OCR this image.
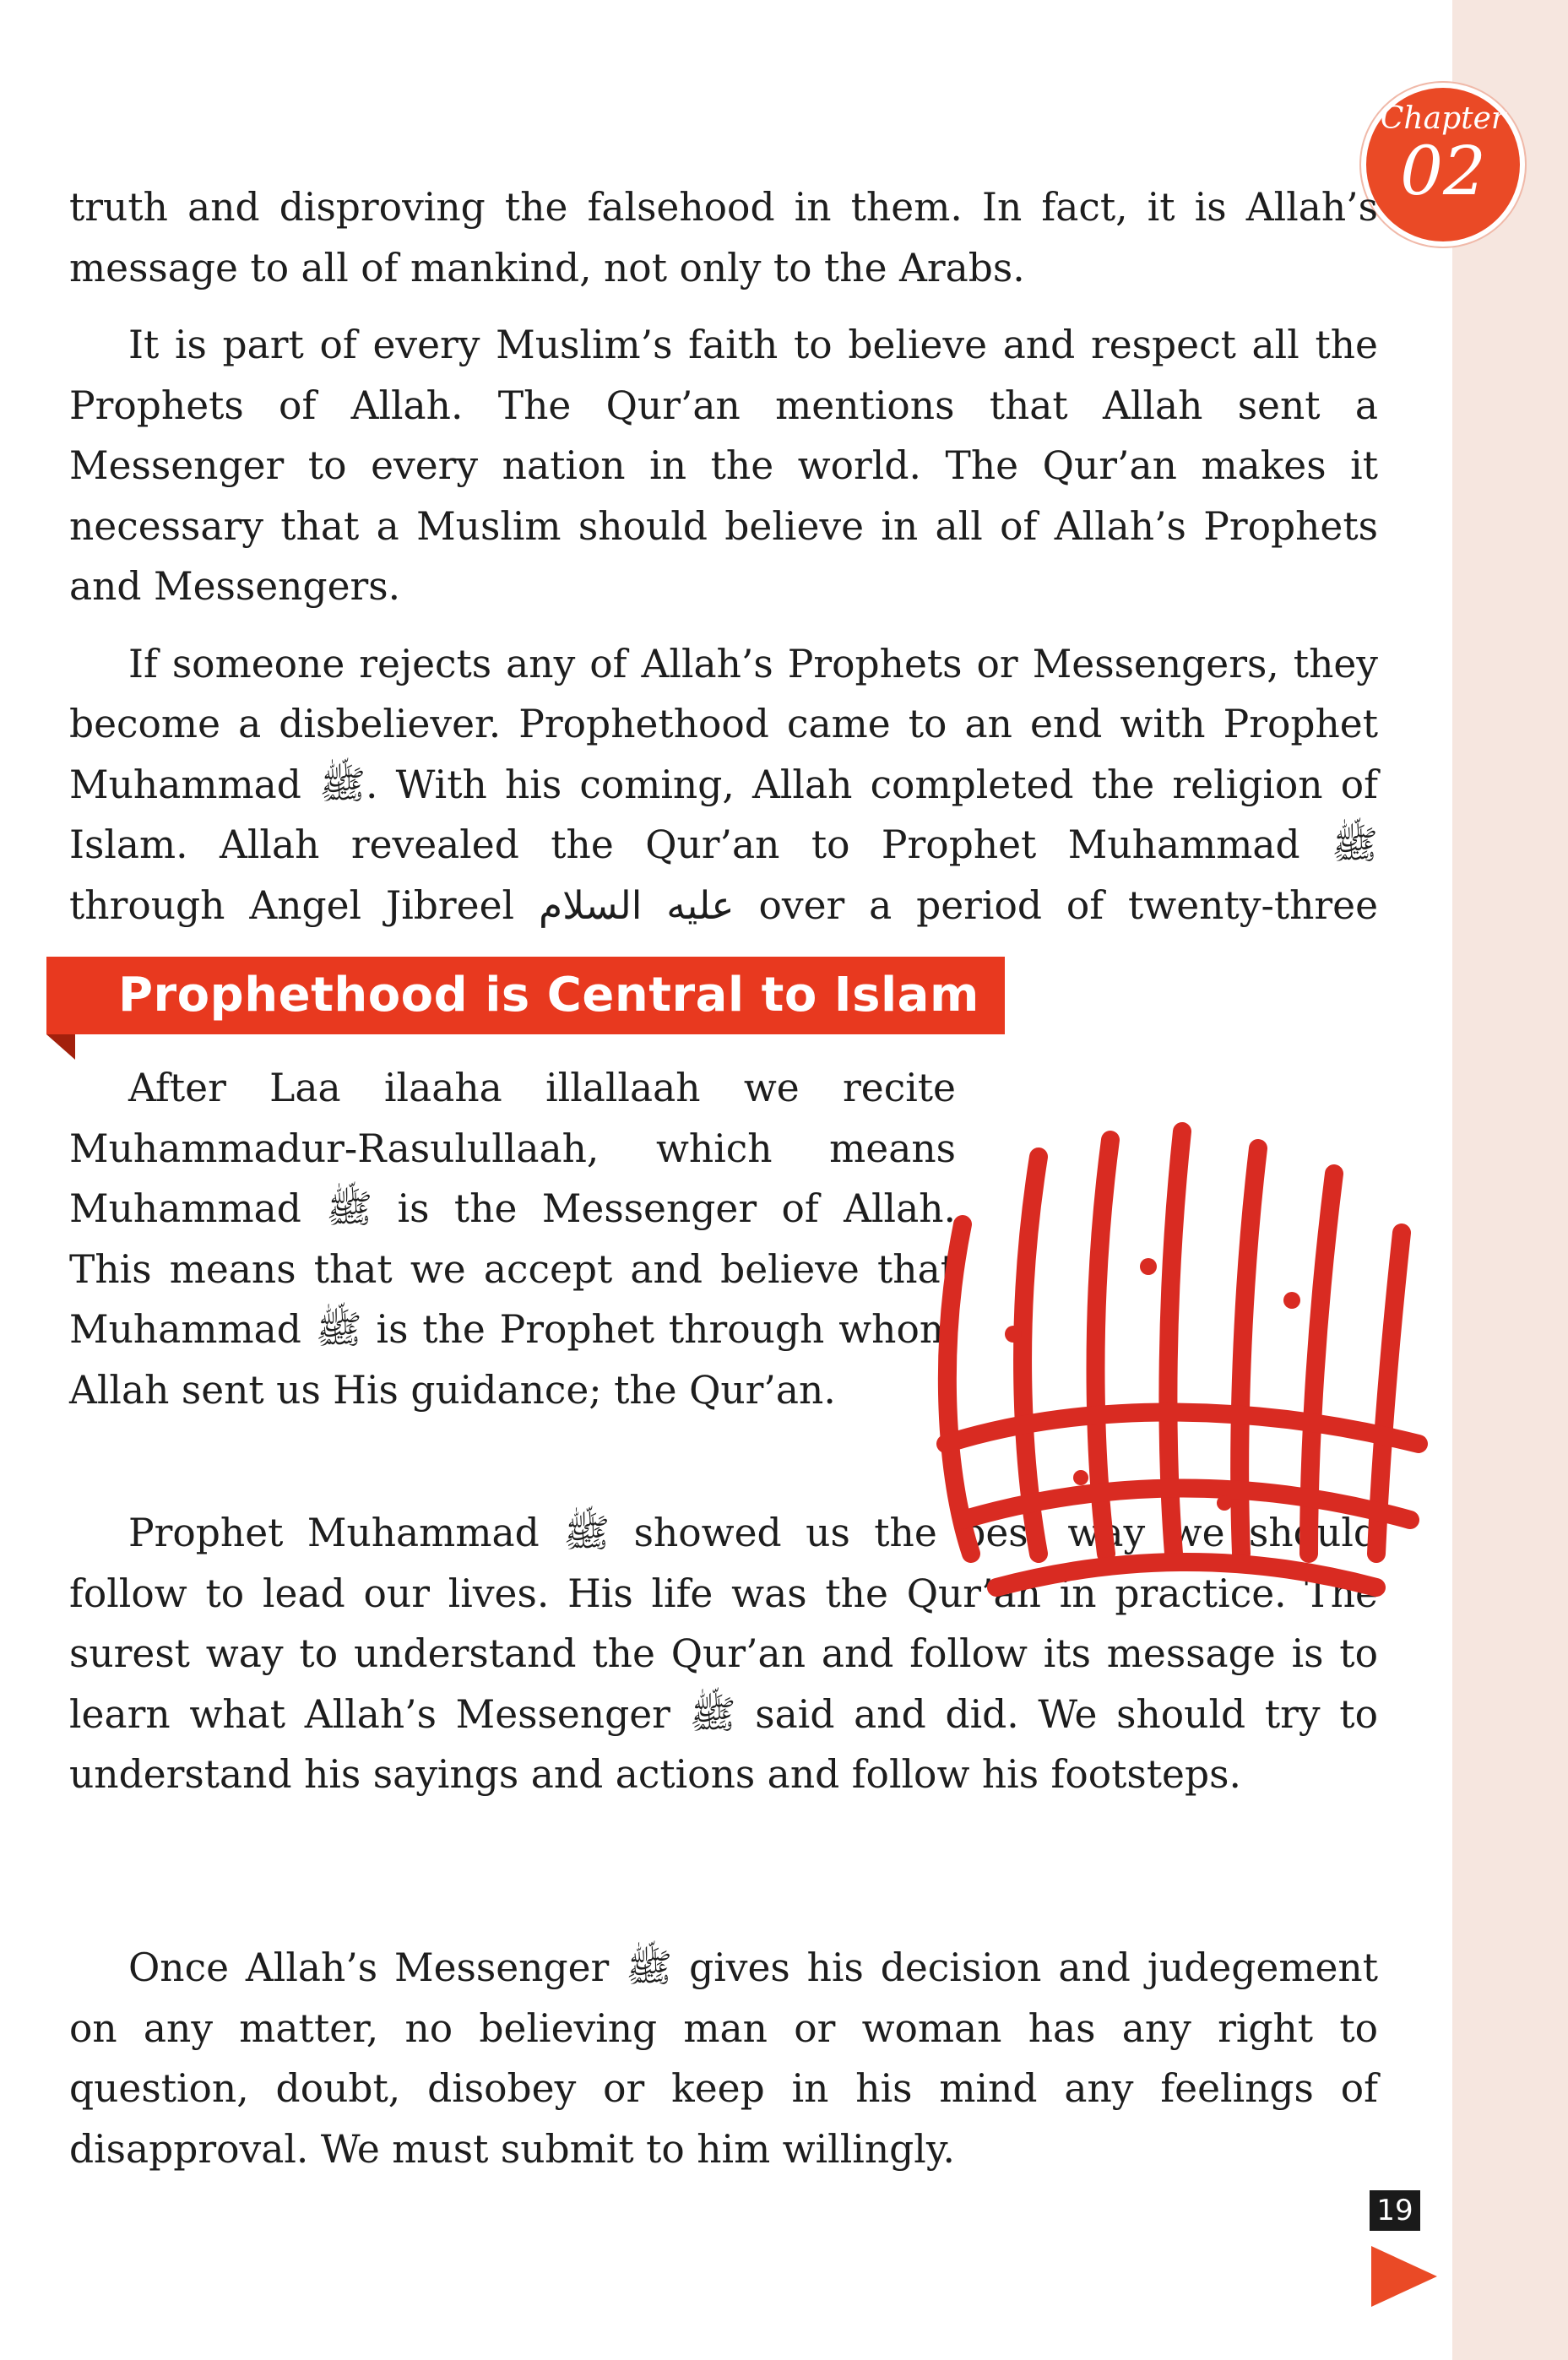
Chapter
02

truth and disproving the falsehood in them. In fact, it is Allah’s message to all of mankind, not only to the Arabs.

It is part of every Muslim’s faith to believe and respect all the Prophets of Allah. The Qur’an mentions that Allah sent a Messenger to every nation in the world. The Qur’an makes it necessary that a Muslim should believe in all of Allah’s Prophets and Messengers.

If someone rejects any of Allah’s Prophets or Messengers, they become a disbeliever. Prophethood came to an end with Prophet Muhammad ﷺ. With his coming, Allah completed the religion of Islam. Allah revealed the Qur’an to Prophet Muhammad ﷺ through Angel Jibreel عليه السلام over a period of twenty-three

Prophethood is Central to Islam

After Laa ilaaha illallaah we recite Muhammadur-Rasulullaah, which means Muhammad ﷺ is the Messenger of Allah. This means that we accept and believe that Muhammad ﷺ is the Prophet through whom Allah sent us His guidance; the Qur’an.

Prophet Muhammad ﷺ showed us the best way we should follow to lead our lives. His life was the Qur’an in practice. The surest way to understand the Qur’an and follow its message is to learn what Allah’s Messenger ﷺ said and did. We should try to understand his sayings and actions and follow his footsteps.

Once Allah’s Messenger ﷺ gives his decision and judegement on any matter, no believing man or woman has any right to question, doubt, disobey or keep in his mind any feelings of disapproval. We must submit to him willingly.

19
